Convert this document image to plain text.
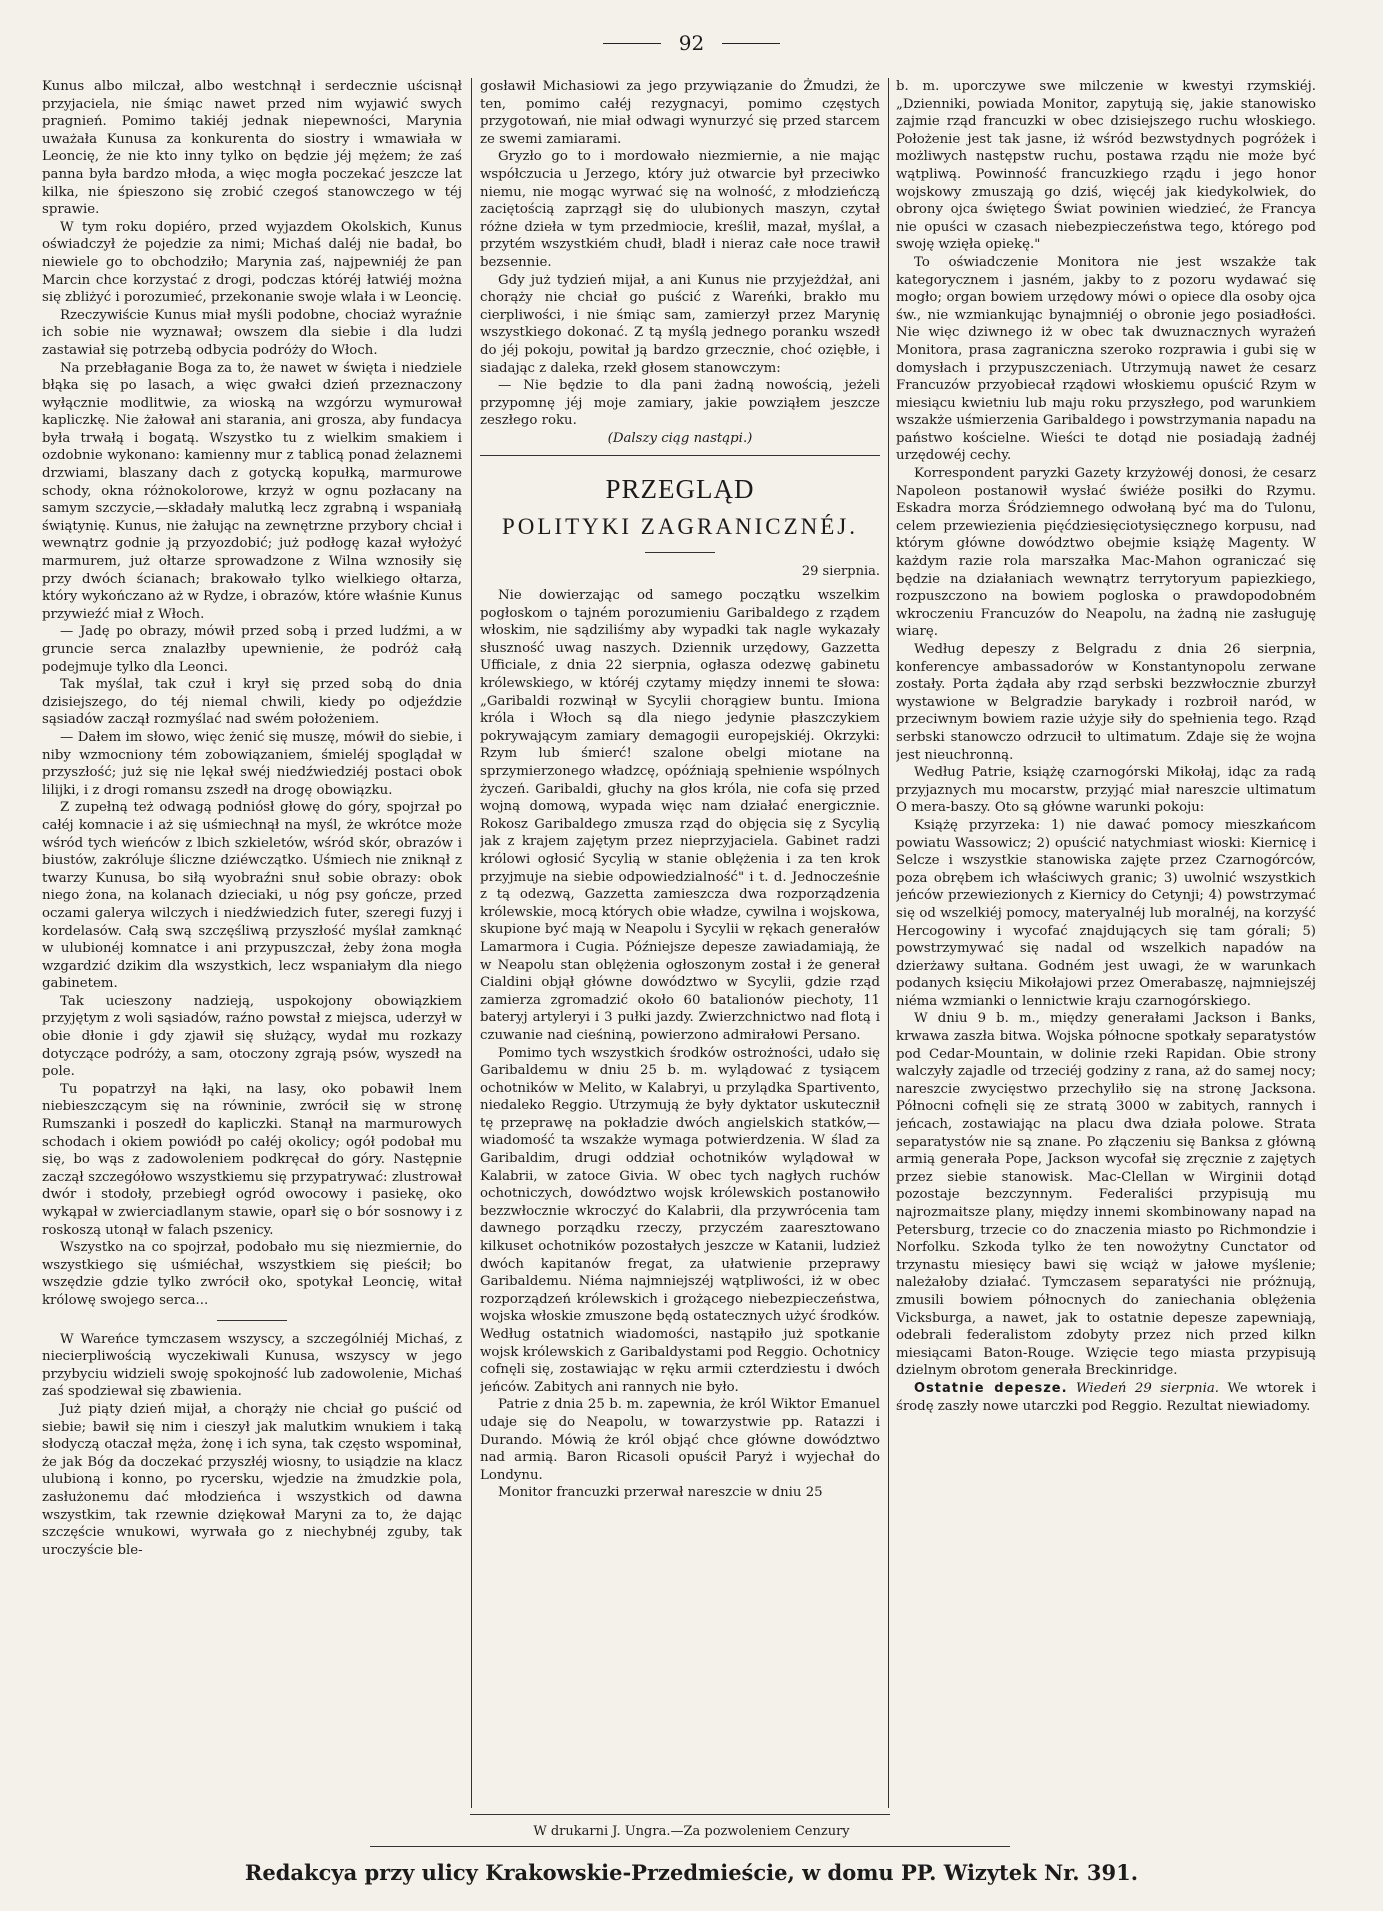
92

Kunus albo milczał, albo westchnął i serdecznie uścisnął przyjaciela, nie śmiąc nawet przed nim wyjawić swych pragnień. Pomimo takiéj jednak niepewności, Marynia uważała Kunusa za konkurenta do siostry i wmawiała w Leoncię, że nie kto inny tylko on będzie jéj mężem; że zaś panna była bardzo młoda, a więc mogła poczekać jeszcze lat kilka, nie śpieszono się zrobić czegoś stanowczego w téj sprawie.

W tym roku dopiéro, przed wyjazdem Okolskich, Kunus oświadczył że pojedzie za nimi; Michaś daléj nie badał, bo niewiele go to obchodziło; Marynia zaś, najpewniéj że pan Marcin chce korzystać z drogi, podczas któréj łatwiéj można się zbliżyć i porozumieć, przekonanie swoje wlała i w Leoncię.

Rzeczywiście Kunus miał myśli podobne, chociaż wyraźnie ich sobie nie wyznawał; owszem dla siebie i dla ludzi zastawiał się potrzebą odbycia podróży do Włoch.

Na przebłaganie Boga za to, że nawet w święta i niedziele błąka się po lasach, a więc gwałci dzień przeznaczony wyłącznie modlitwie, za wioską na wzgórzu wymurował kapliczkę. Nie żałował ani starania, ani grosza, aby fundacya była trwałą i bogatą. Wszystko tu z wielkim smakiem i ozdobnie wykonano: kamienny mur z tablicą ponad żelaznemi drzwiami, blaszany dach z gotycką kopułką, marmurowe schody, okna różnokolorowe, krzyż w ognu pozłacany na samym szczycie,—składały malutką lecz zgrabną i wspaniałą świątynię. Kunus, nie żałując na zewnętrzne przybory chciał i wewnątrz godnie ją przyozdobić; już podłogę kazał wyłożyć marmurem, już ołtarze sprowadzone z Wilna wznosiły się przy dwóch ścianach; brakowało tylko wielkiego ołtarza, który wykończano aż w Rydze, i obrazów, które właśnie Kunus przywieźć miał z Włoch.

— Jadę po obrazy, mówił przed sobą i przed ludźmi, a w gruncie serca znalazłby upewnienie, że podróż całą podejmuje tylko dla Leonci.

Tak myślał, tak czuł i krył się przed sobą do dnia dzisiejszego, do téj niemal chwili, kiedy po odjeździe sąsiadów zaczął rozmyślać nad swém położeniem.

— Dałem im słowo, więc żenić się muszę, mówił do siebie, i niby wzmocniony tém zobowiązaniem, śmieléj spoglądał w przyszłość; już się nie lękał swéj niedźwiedziéj postaci obok lilijki, i z drogi romansu zszedł na drogę obowiązku.

Z zupełną też odwagą podniósł głowę do góry, spojrzał po całéj komnacie i aż się uśmiechnął na myśl, że wkrótce może wśród tych wieńców z lbich szkieletów, wśród skór, obrazów i biustów, zakróluje śliczne dziéwczątko. Uśmiech nie zniknął z twarzy Kunusa, bo siłą wyobraźni snuł sobie obrazy: obok niego żona, na kolanach dzieciaki, u nóg psy gończe, przed oczami galerya wilczych i niedźwiedzich futer, szeregi fuzyj i kordelasów. Całą swą szczęśliwą przyszłość myślał zamknąć w ulubionéj komnatce i ani przypuszczał, żeby żona mogła wzgardzić dzikim dla wszystkich, lecz wspaniałym dla niego gabinetem.

Tak ucieszony nadzieją, uspokojony obowiązkiem przyjętym z woli sąsiadów, raźno powstał z miejsca, uderzył w obie dłonie i gdy zjawił się służący, wydał mu rozkazy dotyczące podróży, a sam, otoczony zgrają psów, wyszedł na pole.

Tu popatrzył na łąki, na lasy, oko pobawił lnem niebieszczącym się na równinie, zwrócił się w stronę Rumszanki i poszedł do kapliczki. Stanął na marmurowych schodach i okiem powiódł po całéj okolicy; ogół podobał mu się, bo wąs z zadowoleniem podkręcał do góry. Następnie zaczął szczegółowo wszystkiemu się przypatrywać: zlustrował dwór i stodoły, przebiegł ogród owocowy i pasiekę, oko wykąpał w zwierciadlanym stawie, oparł się o bór sosnowy i z roskoszą utonął w falach pszenicy.

Wszystko na co spojrzał, podobało mu się niezmiernie, do wszystkiego się uśmiéchał, wszystkiem się pieścił; bo wszędzie gdzie tylko zwrócił oko, spotykał Leoncię, witał królowę swojego serca...

W Wareńce tymczasem wszyscy, a szczególniéj Michaś, z niecierpliwością wyczekiwali Kunusa, wszyscy w jego przybyciu widzieli swoję spokojność lub zadowolenie, Michaś zaś spodziewał się zbawienia.

Już piąty dzień mijał, a chorąży nie chciał go puścić od siebie; bawił się nim i cieszył jak malutkim wnukiem i taką słodyczą otaczał męża, żonę i ich syna, tak często wspominał, że jak Bóg da doczekać przyszłéj wiosny, to usiądzie na klacz ulubioną i konno, po rycersku, wjedzie na żmudzkie pola, zasłużonemu dać młodzieńca i wszystkich od dawna wszystkim, tak rzewnie dziękował Maryni za to, że dając szczęście wnukowi, wyrwała go z niechybnéj zguby, tak uroczyście ble-

gosławił Michasiowi za jego przywiązanie do Żmudzi, że ten, pomimo całéj rezygnacyi, pomimo częstych przygotowań, nie miał odwagi wynurzyć się przed starcem ze swemi zamiarami.

Gryzło go to i mordowało niezmiernie, a nie mając współczucia u Jerzego, który już otwarcie był przeciwko niemu, nie mogąc wyrwać się na wolność, z młodzieńczą zaciętością zaprzągł się do ulubionych maszyn, czytał różne dzieła w tym przedmiocie, kreślił, mazał, myślał, a przytém wszystkiém chudł, bladł i nieraz całe noce trawił bezsennie.

Gdy już tydzień mijał, a ani Kunus nie przyjeżdżał, ani chorąży nie chciał go puścić z Wareńki, brakło mu cierpliwości, i nie śmiąc sam, zamierzył przez Marynię wszystkiego dokonać. Z tą myślą jednego poranku wszedł do jéj pokoju, powitał ją bardzo grzecznie, choć oziębłe, i siadając z daleka, rzekł głosem stanowczym:

— Nie będzie to dla pani żadną nowością, jeżeli przypomnę jéj moje zamiary, jakie powziąłem jeszcze zeszłego roku.

(Dalszy ciąg nastąpi.)

PRZEGLĄD
POLITYKI ZAGRANICZNÉJ.
29 sierpnia.

Nie dowierzając od samego początku wszelkim pogłoskom o tajném porozumieniu Garibaldego z rządem włoskim, nie sądziliśmy aby wypadki tak nagle wykazały słuszność uwag naszych. Dziennik urzędowy, Gazzetta Ufficiale, z dnia 22 sierpnia, ogłasza odezwę gabinetu królewskiego, w któréj czytamy między innemi te słowa: „Garibaldi rozwinął w Sycylii chorągiew buntu. Imiona króla i Włoch są dla niego jedynie płaszczykiem pokrywającym zamiary demagogii europejskiéj. Okrzyki: Rzym lub śmierć! szalone obelgi miotane na sprzymierzonego władzcę, opóźniają spełnienie wspólnych życzeń. Garibaldi, głuchy na głos króla, nie cofa się przed wojną domową, wypada więc nam działać energicznie. Rokosz Garibaldego zmusza rząd do objęcia się z Sycylią jak z krajem zajętym przez nieprzyjaciela. Gabinet radzi królowi ogłosić Sycylią w stanie oblężenia i za ten krok przyjmuje na siebie odpowiedzialność" i t. d. Jednocześnie z tą odezwą, Gazzetta zamieszcza dwa rozporządzenia królewskie, mocą których obie władze, cywilna i wojskowa, skupione być mają w Neapolu i Sycylii w rękach generałów Lamarmora i Cugia. Późniejsze depesze zawiadamiają, że w Neapolu stan oblężenia ogłoszonym został i że generał Cialdini objął główne dowództwo w Sycylii, gdzie rząd zamierza zgromadzić około 60 batalionów piechoty, 11 bateryj artyleryi i 3 pułki jazdy. Zwierzchnictwo nad flotą i czuwanie nad cieśniną, powierzono admirałowi Persano.

Pomimo tych wszystkich środków ostrożności, udało się Garibaldemu w dniu 25 b. m. wylądować z tysiącem ochotników w Melito, w Kalabryi, u przylądka Spartivento, niedaleko Reggio. Utrzymują że były dyktator uskutecznił tę przeprawę na pokładzie dwóch angielskich statków,— wiadomość ta wszakże wymaga potwierdzenia. W ślad za Garibaldim, drugi oddział ochotników wylądował w Kalabrii, w zatoce Givia. W obec tych nagłych ruchów ochotniczych, dowództwo wojsk królewskich postanowiło bezzwłocznie wkroczyć do Kalabrii, dla przywrócenia tam dawnego porządku rzeczy, przyczém zaaresztowano kilkuset ochotników pozostałych jeszcze w Katanii, ludzież dwóch kapitanów fregat, za ułatwienie przeprawy Garibaldemu. Niéma najmniejszéj wątpliwości, iż w obec rozporządzeń królewskich i grożącego niebezpieczeństwa, wojska włoskie zmuszone będą ostatecznych użyć środków. Według ostatnich wiadomości, nastąpiło już spotkanie wojsk królewskich z Garibaldystami pod Reggio. Ochotnicy cofnęli się, zostawiając w ręku armii czterdziestu i dwóch jeńców. Zabitych ani rannych nie było.

Patrie z dnia 25 b. m. zapewnia, że król Wiktor Emanuel udaje się do Neapolu, w towarzystwie pp. Ratazzi i Durando. Mówią że król objąć chce główne dowództwo nad armią. Baron Ricasoli opuścił Paryż i wyjechał do Londynu.

Monitor francuzki przerwał nareszcie w dniu 25

b. m. uporczywe swe milczenie w kwestyi rzymskiéj. „Dzienniki, powiada Monitor, zapytują się, jakie stanowisko zajmie rząd francuzki w obec dzisiejszego ruchu włoskiego. Położenie jest tak jasne, iż wśród bezwstydnych pogróżek i możliwych następstw ruchu, postawa rządu nie może być wątpliwą. Powinność francuzkiego rządu i jego honor wojskowy zmuszają go dziś, więcéj jak kiedykolwiek, do obrony ojca świętego Świat powinien wiedzieć, że Francya nie opuści w czasach niebezpieczeństwa tego, którego pod swoję wzięła opiekę."

To oświadczenie Monitora nie jest wszakże tak kategorycznem i jasném, jakby to z pozoru wydawać się mogło; organ bowiem urzędowy mówi o opiece dla osoby ojca św., nie wzmiankując bynajmniéj o obronie jego posiadłości. Nie więc dziwnego iż w obec tak dwuznacznych wyrażeń Monitora, prasa zagraniczna szeroko rozprawia i gubi się w domysłach i przypuszczeniach. Utrzymują nawet że cesarz Francuzów przyobiecał rządowi włoskiemu opuścić Rzym w miesiącu kwietniu lub maju roku przyszłego, pod warunkiem wszakże uśmierzenia Garibaldego i powstrzymania napadu na państwo kościelne. Wieści te dotąd nie posiadają żadnéj urzędowéj cechy.

Korrespondent paryzki Gazety krzyżowéj donosi, że cesarz Napoleon postanowił wysłać świéże posiłki do Rzymu. Eskadra morza Śródziemnego odwołaną być ma do Tulonu, celem przewiezienia pięćdziesięciotysięcznego korpusu, nad którym główne dowództwo obejmie książę Magenty. W każdym razie rola marszałka Mac-Mahon ograniczać się będzie na działaniach wewnątrz terrytoryum papiezkiego, rozpuszczono na bowiem pogloska o prawdopodobném wkroczeniu Francuzów do Neapolu, na żadną nie zasługuję wiarę.

Według depeszy z Belgradu z dnia 26 sierpnia, konferencye ambassadorów w Konstantynopolu zerwane zostały. Porta żądała aby rząd serbski bezzwłocznie zburzył wystawione w Belgradzie barykady i rozbroił naród, w przeciwnym bowiem razie użyje siły do spełnienia tego. Rząd serbski stanowczo odrzucił to ultimatum. Zdaje się że wojna jest nieuchronną.

Według Patrie, książę czarnogórski Mikołaj, idąc za radą przyjaznych mu mocarstw, przyjąć miał nareszcie ultimatum O mera-baszy. Oto są główne warunki pokoju:

Książę przyrzeka: 1) nie dawać pomocy mieszkańcom powiatu Wassowicz; 2) opuścić natychmiast wioski: Kiernicę i Selcze i wszystkie stanowiska zajęte przez Czarnogórców, poza obrębem ich właściwych granic; 3) uwolnić wszystkich jeńców przewiezionych z Kiernicy do Cetynji; 4) powstrzymać się od wszelkiéj pomocy, materyalnéj lub moralnéj, na korzyść Hercogowiny i wycofać znajdujących się tam górali; 5) powstrzymywać się nadal od wszelkich napadów na dzierżawy sułtana. Godném jest uwagi, że w warunkach podanych księciu Mikołajowi przez Omerabaszę, najmniejszéj niéma wzmianki o lennictwie kraju czarnogórskiego.

W dniu 9 b. m., między generałami Jackson i Banks, krwawa zaszła bitwa. Wojska północne spotkały separatystów pod Cedar-Mountain, w dolinie rzeki Rapidan. Obie strony walczyły zajadle od trzeciéj godziny z rana, aż do samej nocy; nareszcie zwycięstwo przechyliło się na stronę Jacksona. Północni cofnęli się ze stratą 3000 w zabitych, rannych i jeńcach, zostawiając na placu dwa działa polowe. Strata separatystów nie są znane. Po złączeniu się Banksa z główną armią generała Pope, Jackson wycofał się zręcznie z zajętych przez siebie stanowisk. Mac-Clellan w Wirginii dotąd pozostaje bezczynnym. Federaliści przypisują mu najrozmaitsze plany, między innemi skombinowany napad na Petersburg, trzecie co do znaczenia miasto po Richmondzie i Norfolku. Szkoda tylko że ten nowożytny Cunctator od trzynastu miesięcy bawi się wciąż w jałowe myślenie; należałoby działać. Tymczasem separatyści nie próżnują, zmusili bowiem północnych do zaniechania oblężenia Vicksburga, a nawet, jak to ostatnie depesze zapewniają, odebrali federalistom zdobyty przez nich przed kilkn miesiącami Baton-Rouge. Wzięcie tego miasta przypisują dzielnym obrotom generała Breckinridge.

Ostatnie depesze. Wiedeń 29 sierpnia. We wtorek i środę zaszły nowe utarczki pod Reggio. Rezultat niewiadomy.

W drukarni J. Ungra.—Za pozwoleniem Cenzury
Redakcya przy ulicy Krakowskie-Przedmieście, w domu PP. Wizytek Nr. 391.
